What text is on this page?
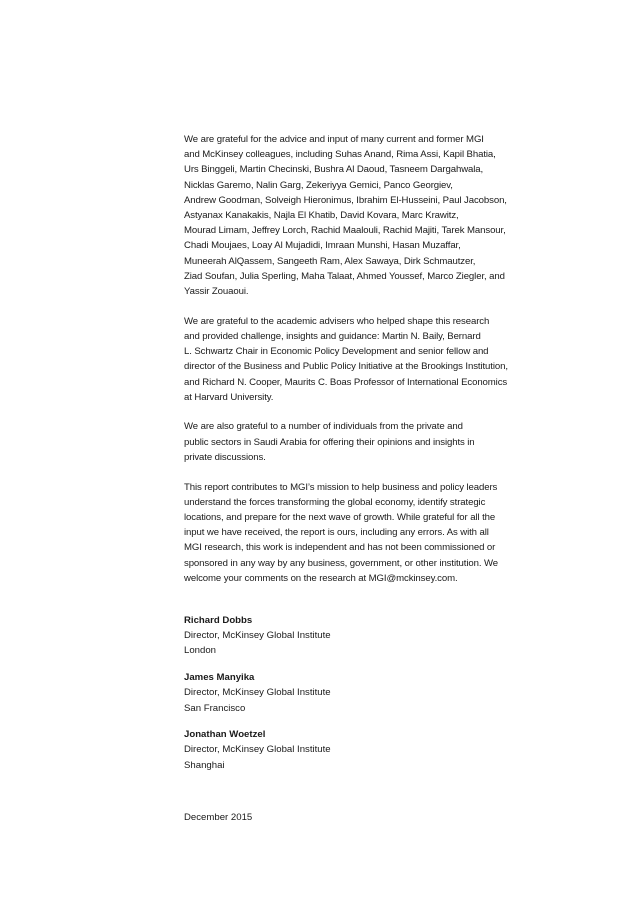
We are grateful for the advice and input of many current and former MGI
and McKinsey colleagues, including Suhas Anand, Rima Assi, Kapil Bhatia,
Urs Binggeli, Martin Checinski, Bushra Al Daoud, Tasneem Dargahwala,
Nicklas Garemo, Nalin Garg, Zekeriyya Gemici, Panco Georgiev,
Andrew Goodman, Solveigh Hieronimus, Ibrahim El-Husseini, Paul Jacobson,
Astyanax Kanakakis, Najla El Khatib, David Kovara, Marc Krawitz,
Mourad Limam, Jeffrey Lorch, Rachid Maalouli, Rachid Majiti, Tarek Mansour,
Chadi Moujaes, Loay Al Mujadidi, Imraan Munshi, Hasan Muzaffar,
Muneerah AlQassem, Sangeeth Ram, Alex Sawaya, Dirk Schmautzer,
Ziad Soufan, Julia Sperling, Maha Talaat, Ahmed Youssef, Marco Ziegler, and
Yassir Zouaoui.

We are grateful to the academic advisers who helped shape this research
and provided challenge, insights and guidance: Martin N. Baily, Bernard
L. Schwartz Chair in Economic Policy Development and senior fellow and
director of the Business and Public Policy Initiative at the Brookings Institution,
and Richard N. Cooper, Maurits C. Boas Professor of International Economics
at Harvard University.

We are also grateful to a number of individuals from the private and
public sectors in Saudi Arabia for offering their opinions and insights in
private discussions.

This report contributes to MGI’s mission to help business and policy leaders
understand the forces transforming the global economy, identify strategic
locations, and prepare for the next wave of growth. While grateful for all the
input we have received, the report is ours, including any errors. As with all
MGI research, this work is independent and has not been commissioned or
sponsored in any way by any business, government, or other institution. We
welcome your comments on the research at MGI@mckinsey.com.

Richard Dobbs
Director, McKinsey Global Institute
London
James Manyika
Director, McKinsey Global Institute
San Francisco
Jonathan Woetzel
Director, McKinsey Global Institute
Shanghai
December 2015
